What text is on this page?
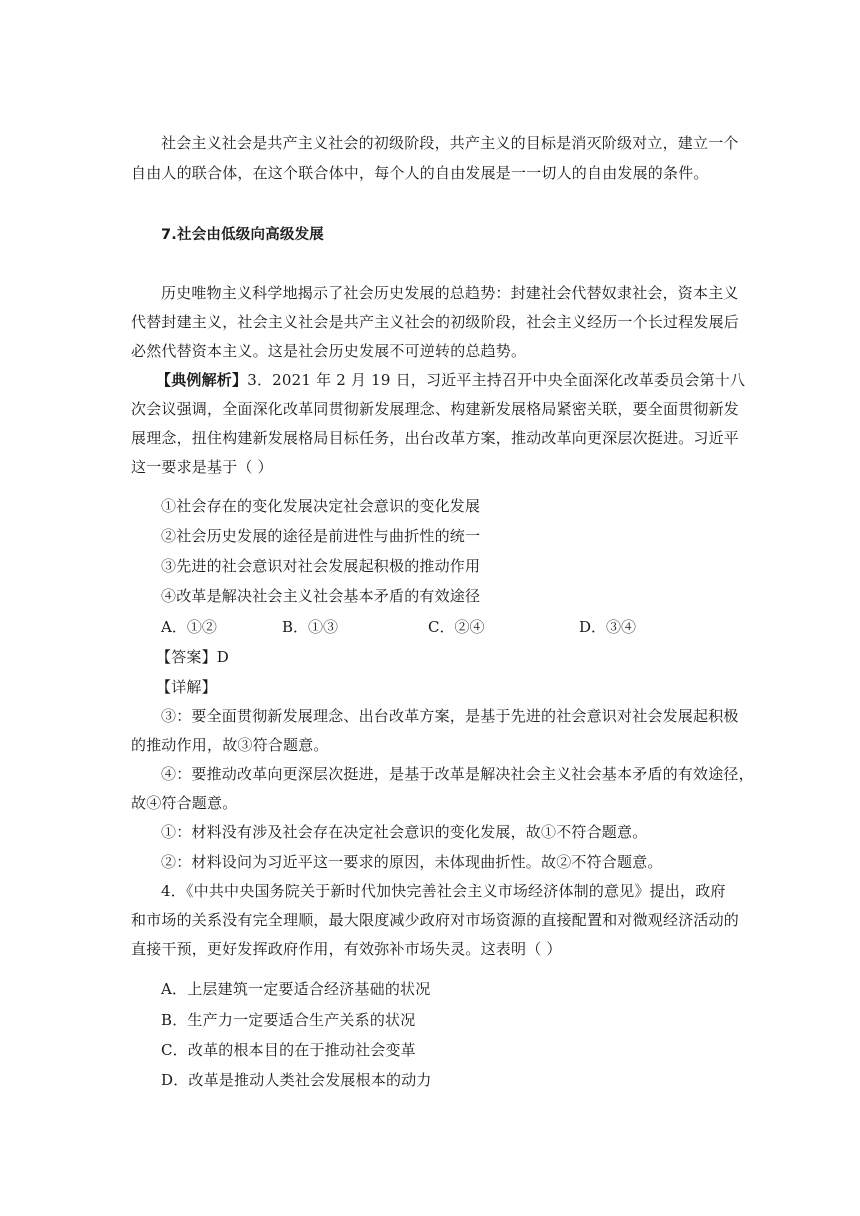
社会主义社会是共产主义社会的初级阶段，共产主义的目标是消灭阶级对立，建立一个
自由人的联合体，在这个联合体中，每个人的自由发展是一一切人的自由发展的条件。
7.社会由低级向高级发展
历史唯物主义科学地揭示了社会历史发展的总趋势：封建社会代替奴隶社会，资本主义
代替封建主义，社会主义社会是共产主义社会的初级阶段，社会主义经历一个长过程发展后
必然代替资本主义。这是社会历史发展不可逆转的总趋势。
【典例解析】3．2021 年 2 月 19 日，习近平主持召开中央全面深化改革委员会第十八
次会议强调，全面深化改革同贯彻新发展理念、构建新发展格局紧密关联，要全面贯彻新发
展理念，扭住构建新发展格局目标任务，出台改革方案，推动改革向更深层次挺进。习近平
这一要求是基于（ ）
①社会存在的变化发展决定社会意识的变化发展
②社会历史发展的途径是前进性与曲折性的统一
③先进的社会意识对社会发展起积极的推动作用
④改革是解决社会主义社会基本矛盾的有效途径
A．①②	B．①③	C．②④	D．③④
【答案】D
【详解】
③：要全面贯彻新发展理念、出台改革方案，是基于先进的社会意识对社会发展起积极
的推动作用，故③符合题意。
④：要推动改革向更深层次挺进，是基于改革是解决社会主义社会基本矛盾的有效途径，
故④符合题意。
①：材料没有涉及社会存在决定社会意识的变化发展，故①不符合题意。
②：材料设问为习近平这一要求的原因，未体现曲折性。故②不符合题意。
4．《中共中央国务院关于新时代加快完善社会主义市场经济体制的意见》提出，政府
和市场的关系没有完全理顺，最大限度减少政府对市场资源的直接配置和对微观经济活动的
直接干预，更好发挥政府作用，有效弥补市场失灵。这表明（ ）
A．上层建筑一定要适合经济基础的状况
B．生产力一定要适合生产关系的状况
C．改革的根本目的在于推动社会变革
D．改革是推动人类社会发展根本的动力
